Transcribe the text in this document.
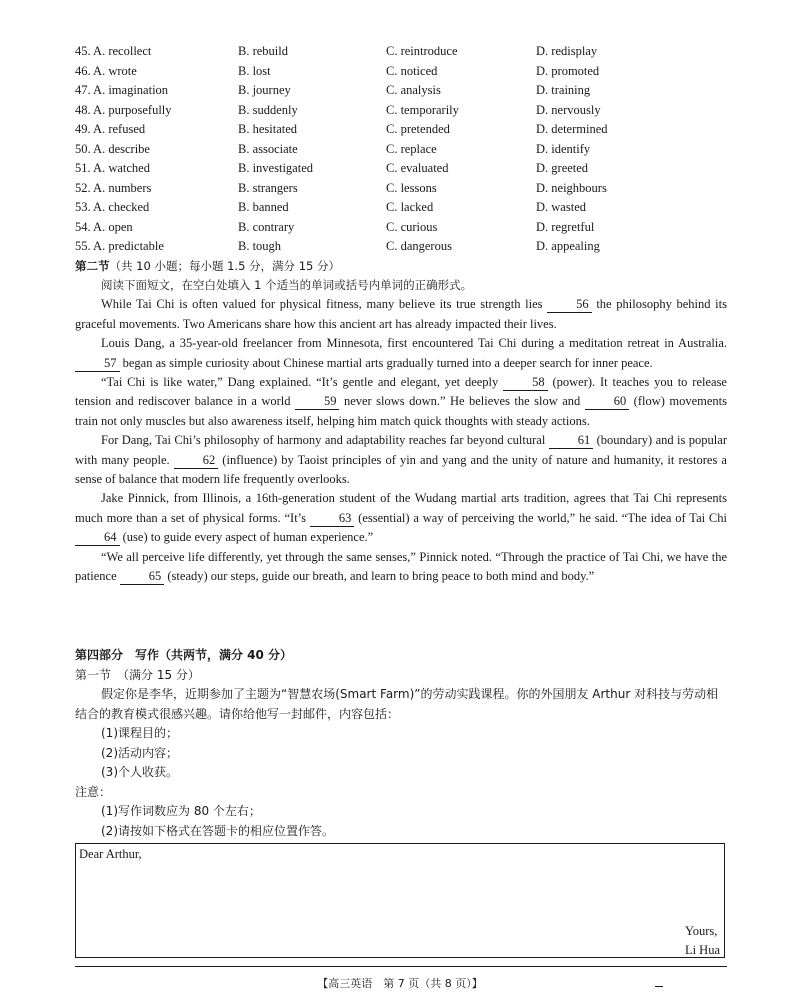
45. A. recollect	B. rebuild	C. reintroduce	D. redisplay
46. A. wrote	B. lost	C. noticed	D. promoted
47. A. imagination	B. journey	C. analysis	D. training
48. A. purposefully	B. suddenly	C. temporarily	D. nervously
49. A. refused	B. hesitated	C. pretended	D. determined
50. A. describe	B. associate	C. replace	D. identify
51. A. watched	B. investigated	C. evaluated	D. greeted
52. A. numbers	B. strangers	C. lessons	D. neighbours
53. A. checked	B. banned	C. lacked	D. wasted
54. A. open	B. contrary	C. curious	D. regretful
55. A. predictable	B. tough	C. dangerous	D. appealing
第二节（共 10 小题；每小题 1.5 分，满分 15 分）

阅读下面短文，在空白处填入 1 个适当的单词或括号内单词的正确形式。

While Tai Chi is often valued for physical fitness, many believe its true strength lies 56 the philosophy behind its graceful movements. Two Americans share how this ancient art has already impacted their lives.

Louis Dang, a 35-year-old freelancer from Minnesota, first encountered Tai Chi during a meditation retreat in Australia. 57 began as simple curiosity about Chinese martial arts gradually turned into a deeper search for inner peace.

“Tai Chi is like water,” Dang explained. “It’s gentle and elegant, yet deeply 58 (power). It teaches you to release tension and rediscover balance in a world 59 never slows down.” He believes the slow and 60 (flow) movements train not only muscles but also awareness itself, helping him match quick thoughts with steady actions.

For Dang, Tai Chi’s philosophy of harmony and adaptability reaches far beyond cultural 61 (boundary) and is popular with many people. 62 (influence) by Taoist principles of yin and yang and the unity of nature and humanity, it restores a sense of balance that modern life frequently overlooks.

Jake Pinnick, from Illinois, a 16th-generation student of the Wudang martial arts tradition, agrees that Tai Chi represents much more than a set of physical forms. “It’s 63 (essential) a way of perceiving the world,” he said. “The idea of Tai Chi 64 (use) to guide every aspect of human experience.”

“We all perceive life differently, yet through the same senses,” Pinnick noted. “Through the practice of Tai Chi, we have the patience 65 (steady) our steps, guide our breath, and learn to bring peace to both mind and body.”

第四部分　写作（共两节，满分 40 分）
第一节　（满分 15 分）

假定你是李华，近期参加了主题为“智慧农场(Smart Farm)”的劳动实践课程。你的外国朋友 Arthur 对科技与劳动相结合的教育模式很感兴趣。请你给他写一封邮件，内容包括：

(1)课程目的；

(2)活动内容；

(3)个人收获。

注意：

(1)写作词数应为 80 个左右；

(2)请按如下格式在答题卡的相应位置作答。

Dear Arthur,
Yours,
Li Hua
【高三英语　第 7 页（共 8 页）】
